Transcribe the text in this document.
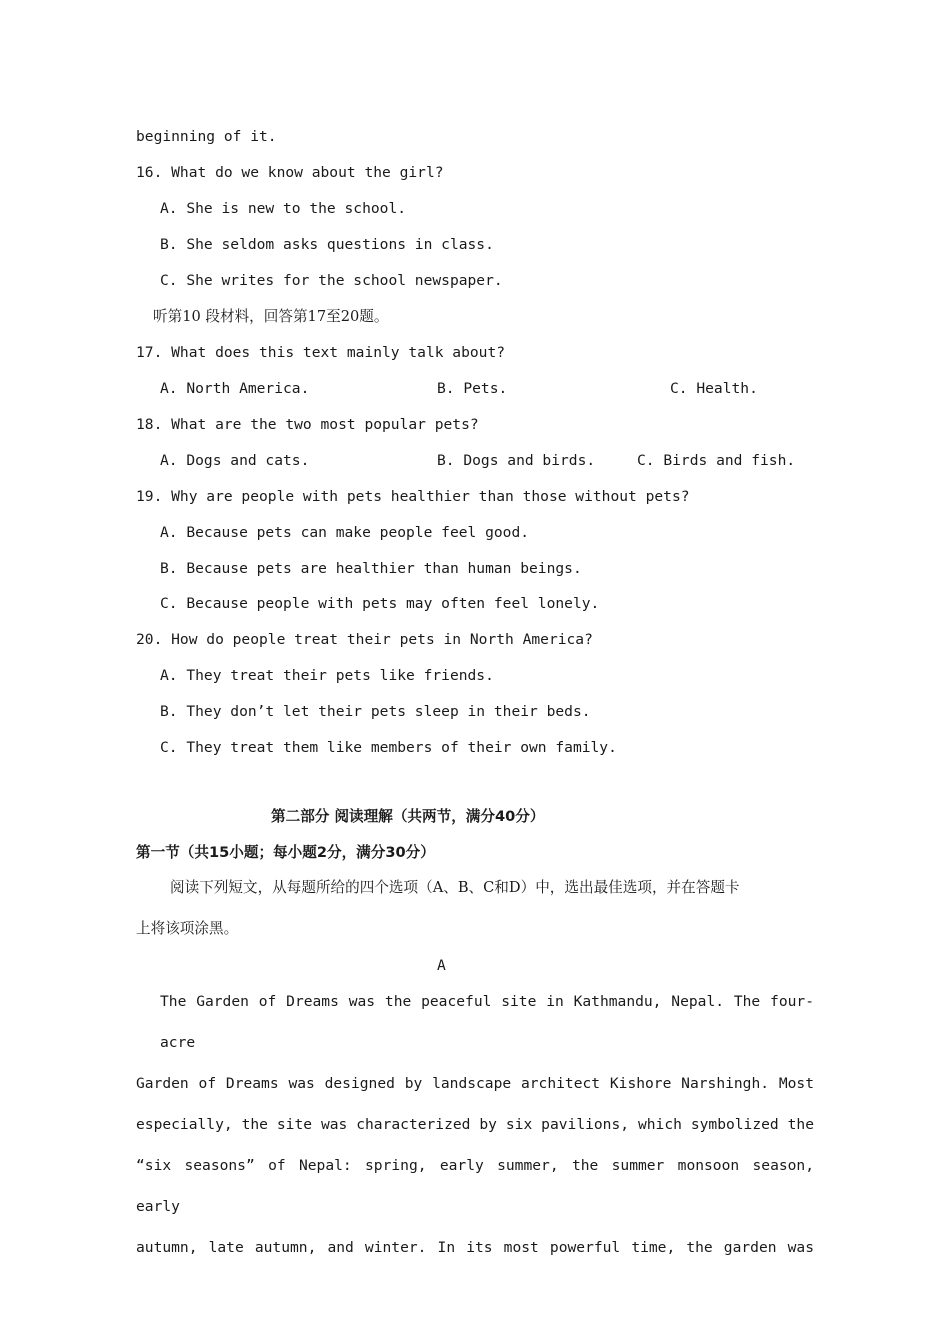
beginning of it.
16. What do we know about the girl?
A. She is new to the school.
B. She seldom asks questions in class.
C. She writes for the school newspaper.
听第10 段材料，回答第17至20题。
17. What does this text mainly talk about?
A. North America.	B. Pets.	C. Health.
18. What are the two most popular pets?
A. Dogs and cats.	B. Dogs and birds.	C. Birds and fish.
19. Why are people with pets healthier than those without pets?
A. Because pets can make people feel good.
B. Because pets are healthier than human beings.
C. Because people with pets may often feel lonely.
20. How do people treat their pets in North America?
A. They treat their pets like friends.
B. They don’t let their pets sleep in their beds.
C. They treat them like members of their own family.
第二部分 阅读理解（共两节，满分40分）
第一节（共15小题；每小题2分，满分30分）
阅读下列短文，从每题所给的四个选项（A、B、C和D）中，选出最佳选项，并在答题卡
上将该项涂黑。
A
The Garden of Dreams was the peaceful site in Kathmandu, Nepal. The four-acre
Garden of Dreams was designed by landscape architect Kishore Narshingh. Most
especially, the site was characterized by six pavilions, which symbolized the
“six seasons” of Nepal: spring, early summer, the summer monsoon season, early
autumn, late autumn, and winter. In its most powerful time, the garden was
